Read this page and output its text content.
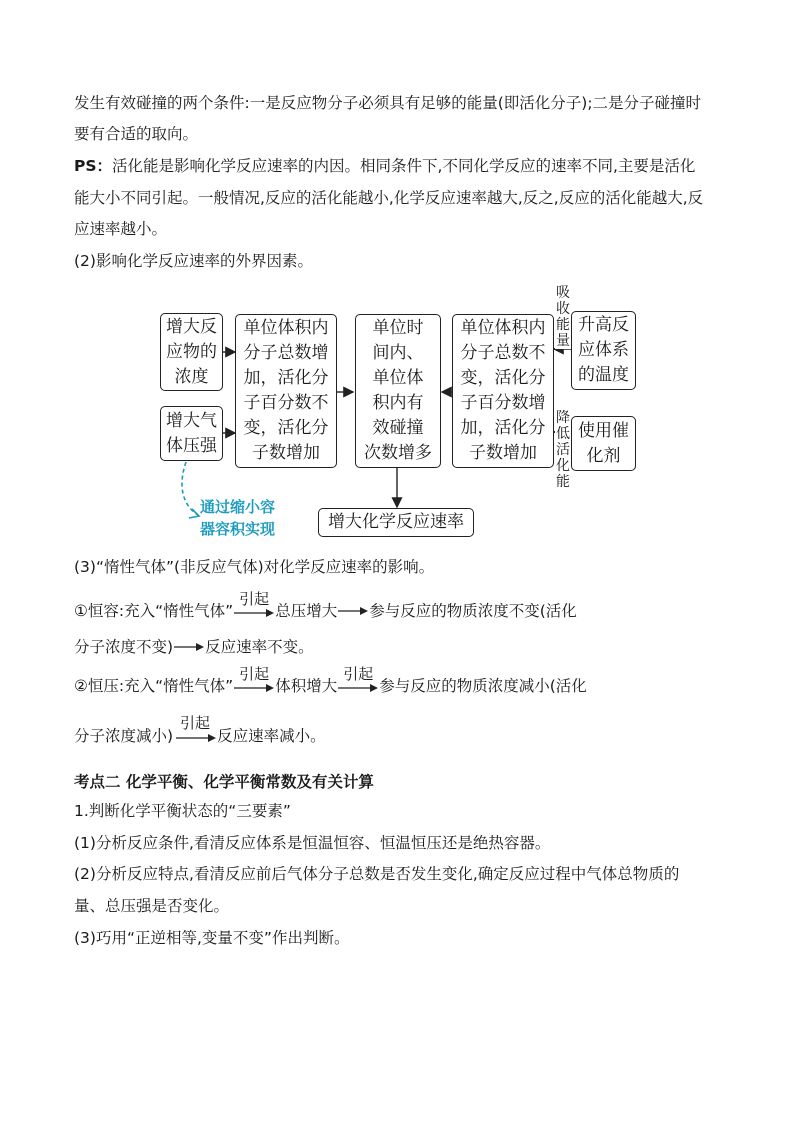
发生有效碰撞的两个条件:一是反应物分子必须具有足够的能量(即活化分子);二是分子碰撞时
要有合适的取向。
PS：活化能是影响化学反应速率的内因。相同条件下,不同化学反应的速率不同,主要是活化
能大小不同引起。一般情况,反应的活化能越小,化学反应速率越大,反之,反应的活化能越大,反
应速率越小。
(2)影响化学反应速率的外界因素。
增大反
应物的
浓度
增大气
体压强
单位体积内
分子总数增
加，活化分
子百分数不
变，活化分
子数增加
单位时
间内、
单位体
积内有
效碰撞
次数增多
单位体积内
分子总数不
变，活化分
子百分数增
加，活化分
子数增加
升高反
应体系
的温度
使用催
化剂
增大化学反应速率
吸收能量
降低活化能
通过缩小容
器容积实现
(3)“惰性气体”(非反应气体)对化学反应速率的影响。
①恒容:充入“惰性气体”
引起
总压增大 参与反应的物质浓度不变(活化
分子浓度不变) 反应速率不变。
②恒压:充入“惰性气体”
引起
体积增大
引起
参与反应的物质浓度减小(活化
分子浓度减小)
引起
反应速率减小。
考点二 化学平衡、化学平衡常数及有关计算
1.判断化学平衡状态的“三要素”
(1)分析反应条件,看清反应体系是恒温恒容、恒温恒压还是绝热容器。
(2)分析反应特点,看清反应前后气体分子总数是否发生变化,确定反应过程中气体总物质的
量、总压强是否变化。
(3)巧用“正逆相等,变量不变”作出判断。
